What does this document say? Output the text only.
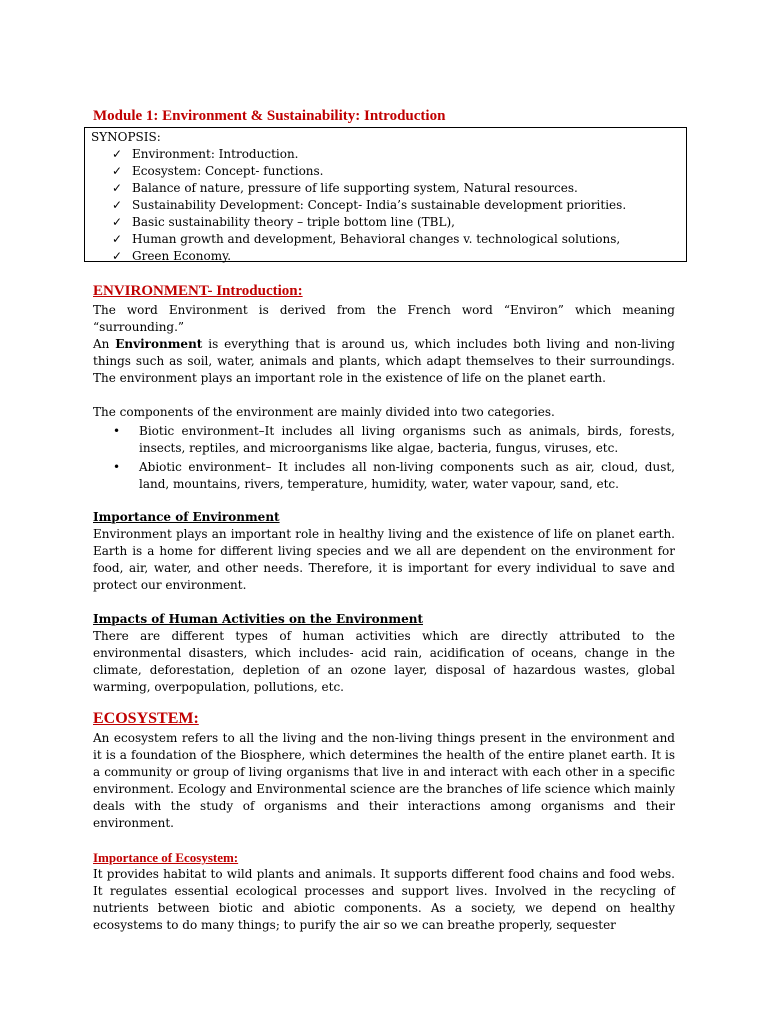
Module 1: Environment & Sustainability: Introduction
SYNOPSIS:
✓ Environment: Introduction.
✓ Ecosystem: Concept- functions.
✓ Balance of nature, pressure of life supporting system, Natural resources.
✓ Sustainability Development: Concept- India’s sustainable development priorities.
✓ Basic sustainability theory – triple bottom line (TBL),
✓ Human growth and development, Behavioral changes v. technological solutions,
✓ Green Economy.
ENVIRONMENT- Introduction:

The word Environment is derived from the French word “Environ” which meaning “surrounding.”

An Environment is everything that is around us, which includes both living and non-living things such as soil, water, animals and plants, which adapt themselves to their surroundings. The environment plays an important role in the existence of life on the planet earth.

The components of the environment are mainly divided into two categories.

• Biotic environment–It includes all living organisms such as animals, birds, forests, insects, reptiles, and microorganisms like algae, bacteria, fungus, viruses, etc.
• Abiotic environment– It includes all non-living components such as air, cloud, dust, land, mountains, rivers, temperature, humidity, water, water vapour, sand, etc.

Importance of Environment

Environment plays an important role in healthy living and the existence of life on planet earth. Earth is a home for different living species and we all are dependent on the environment for food, air, water, and other needs. Therefore, it is important for every individual to save and protect our environment.

Impacts of Human Activities on the Environment

There are different types of human activities which are directly attributed to the environmental disasters, which includes- acid rain, acidification of oceans, change in the climate, deforestation, depletion of an ozone layer, disposal of hazardous wastes, global warming, overpopulation, pollutions, etc.

ECOSYSTEM:

An ecosystem refers to all the living and the non-living things present in the environment and it is a foundation of the Biosphere, which determines the health of the entire planet earth. It is a community or group of living organisms that live in and interact with each other in a specific environment. Ecology and Environmental science are the branches of life science which mainly deals with the study of organisms and their interactions among organisms and their environment.

Importance of Ecosystem:

It provides habitat to wild plants and animals. It supports different food chains and food webs. It regulates essential ecological processes and support lives. Involved in the recycling of nutrients between biotic and abiotic components. As a society, we depend on healthy ecosystems to do many things; to purify the air so we can breathe properly, sequester
